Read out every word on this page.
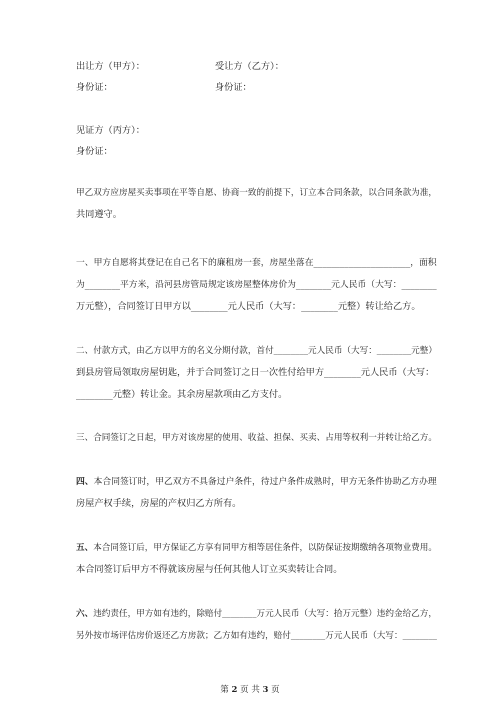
出让方（甲方）：	受让方（乙方）：
身份证：	身份证：
见证方（丙方）：
身份证：
甲乙双方应房屋买卖事项在平等自愿、协商一致的前提下，订立本合同条款，以合同条款为准，
共同遵守。
一、甲方自愿将其登记在自己名下的廉租房一套，房屋坐落在______________________，面积
为________平方米，沿河县房管局规定该房屋整体房价为________元人民币（大写：________
万元整），合同签订日甲方以________元人民币（大写：________元整）转让给乙方。
二、付款方式，由乙方以甲方的名义分期付款，首付________元人民币（大写：________元整）
到县房管局领取房屋钥匙，并于合同签订之日一次性付给甲方________元人民币（大写：
________元整）转让金。其余房屋款项由乙方支付。
三、合同签订之日起，甲方对该房屋的使用、收益、担保、买卖、占用等权利一并转让给乙方。
四、本合同签订时，甲乙双方不具备过户条件，待过户条件成熟时，甲方无条件协助乙方办理
房屋产权手续，房屋的产权归乙方所有。
五、本合同签订后，甲方保证乙方享有同甲方相等居住条件，以防保证按期缴纳各项物业费用。
本合同签订后甲方不得就该房屋与任何其他人订立买卖转让合同。
六、违约责任，甲方如有违约，除赔付________万元人民币（大写：拾万元整）违约金给乙方，
另外按市场评估房价返还乙方房款；乙方如有违约，赔付________万元人民币（大写：________
第 2 页 共 3 页
